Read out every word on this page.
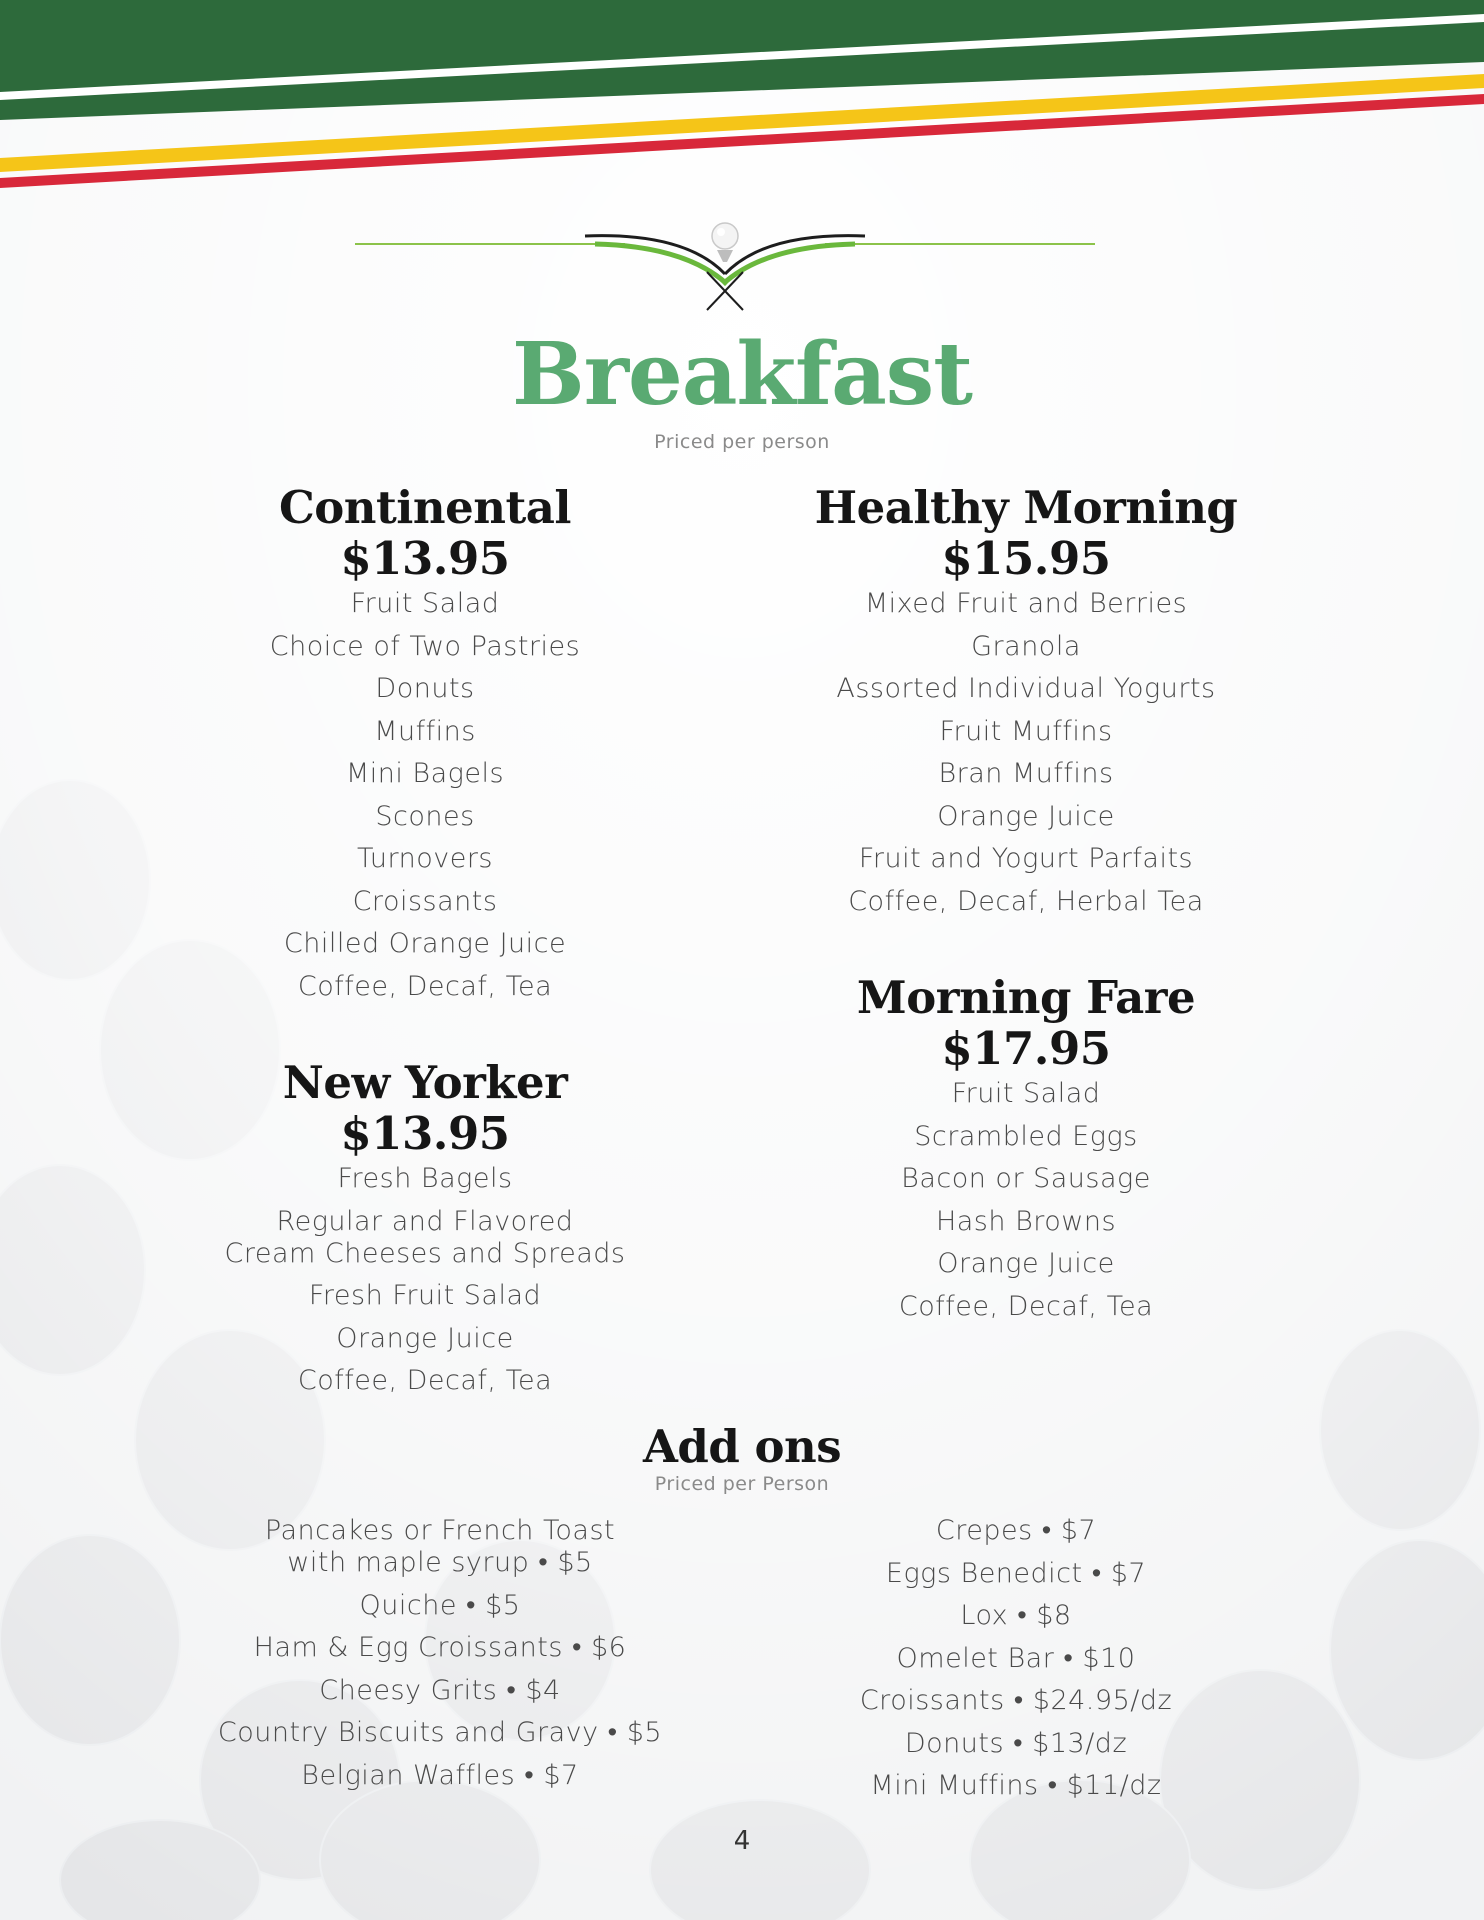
Breakfast
Priced per person
Continental
$13.95
Fruit Salad
Choice of Two Pastries
Donuts
Muffins
Mini Bagels
Scones
Turnovers
Croissants
Chilled Orange Juice
Coffee, Decaf, Tea
Healthy Morning
$15.95
Mixed Fruit and Berries
Granola
Assorted Individual Yogurts
Fruit Muffins
Bran Muffins
Orange Juice
Fruit and Yogurt Parfaits
Coffee, Decaf, Herbal Tea
Morning Fare
$17.95
Fruit Salad
Scrambled Eggs
Bacon or Sausage
Hash Browns
Orange Juice
Coffee, Decaf, Tea
New Yorker
$13.95
Fresh Bagels
Regular and Flavored
Cream Cheeses and Spreads
Fresh Fruit Salad
Orange Juice
Coffee, Decaf, Tea
Add ons
Priced per Person
Pancakes or French Toast
with maple syrup • $5
Quiche • $5
Ham & Egg Croissants • $6
Cheesy Grits • $4
Country Biscuits and Gravy • $5
Belgian Waffles • $7
Crepes • $7
Eggs Benedict • $7
Lox • $8
Omelet Bar • $10
Croissants • $24.95/dz
Donuts • $13/dz
Mini Muffins • $11/dz
4
